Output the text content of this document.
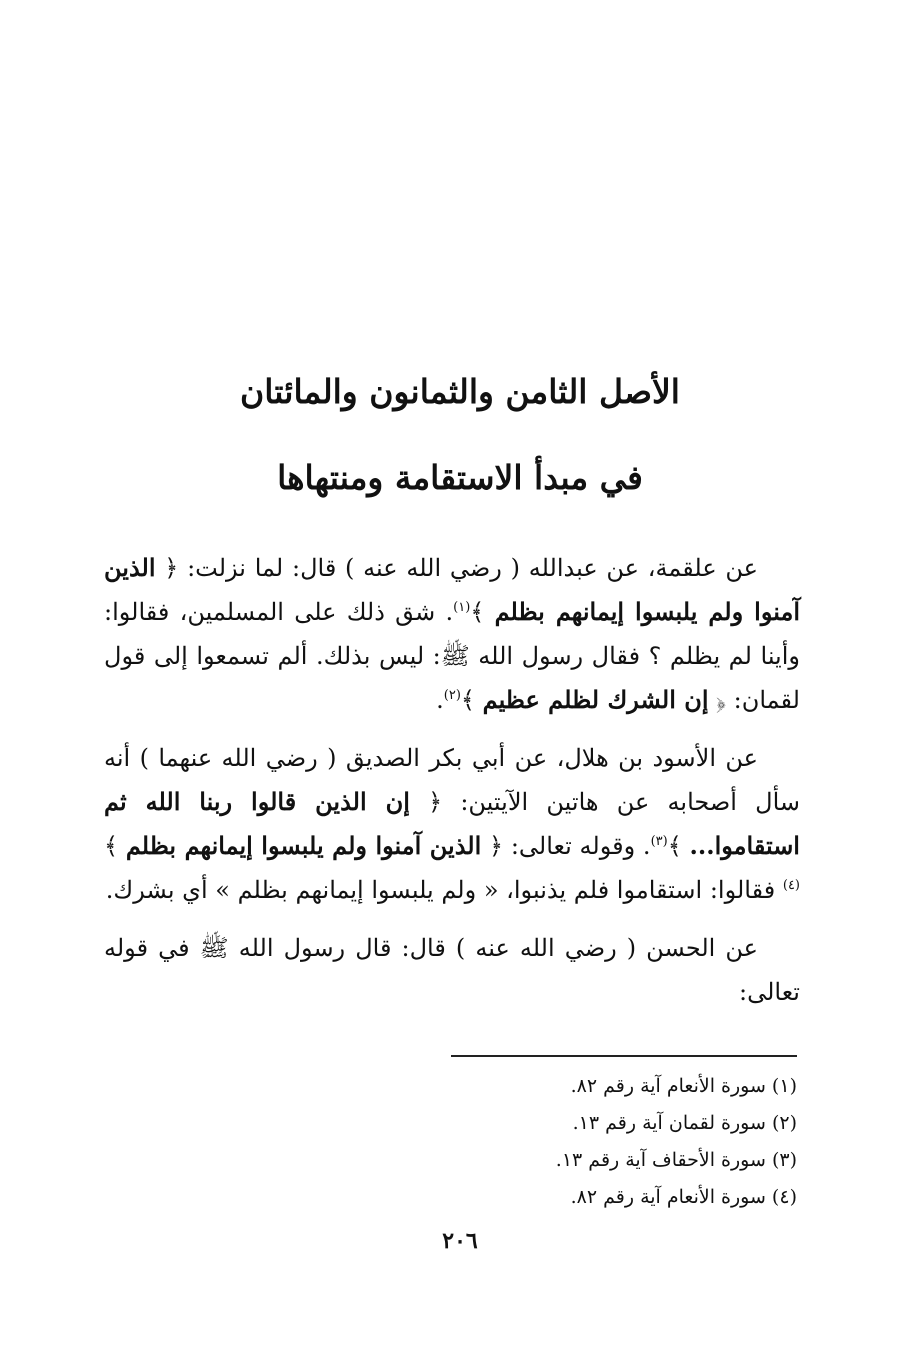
الأصل الثامن والثمانون والمائتان
في مبدأ الاستقامة ومنتهاها

عن علقمة، عن عبدالله ( رضي الله عنه ) قال: لما نزلت: ﴿ الذين آمنوا ولم يلبسوا إيمانهم بظلم ﴾$^{(١)}$. شق ذلك على المسلمين، فقالوا: وأينا لم يظلم ؟ فقال رسول الله ﷺ: ليس بذلك. ألم تسمعوا إلى قول لقمان: ﴿ إن الشرك لظلم عظيم ﴾$^{(٢)}$.

عن الأسود بن هلال، عن أبي بكر الصديق ( رضي الله عنهما ) أنه سأل أصحابه عن هاتين الآيتين: ﴿ إن الذين قالوا ربنا الله ثم استقاموا... ﴾$^{(٣)}$. وقوله تعالى: ﴿ الذين آمنوا ولم يلبسوا إيمانهم بظلم ﴾$^{(٤)}$ فقالوا: استقاموا فلم يذنبوا، « ولم يلبسوا إيمانهم بظلم » أي بشرك.

عن الحسن ( رضي الله عنه ) قال: قال رسول الله ﷺ في قوله تعالى:

(١) سورة الأنعام آية رقم ٨٢.
(٢) سورة لقمان آية رقم ١٣.
(٣) سورة الأحقاف آية رقم ١٣.
(٤) سورة الأنعام آية رقم ٨٢.
٢٠٦
